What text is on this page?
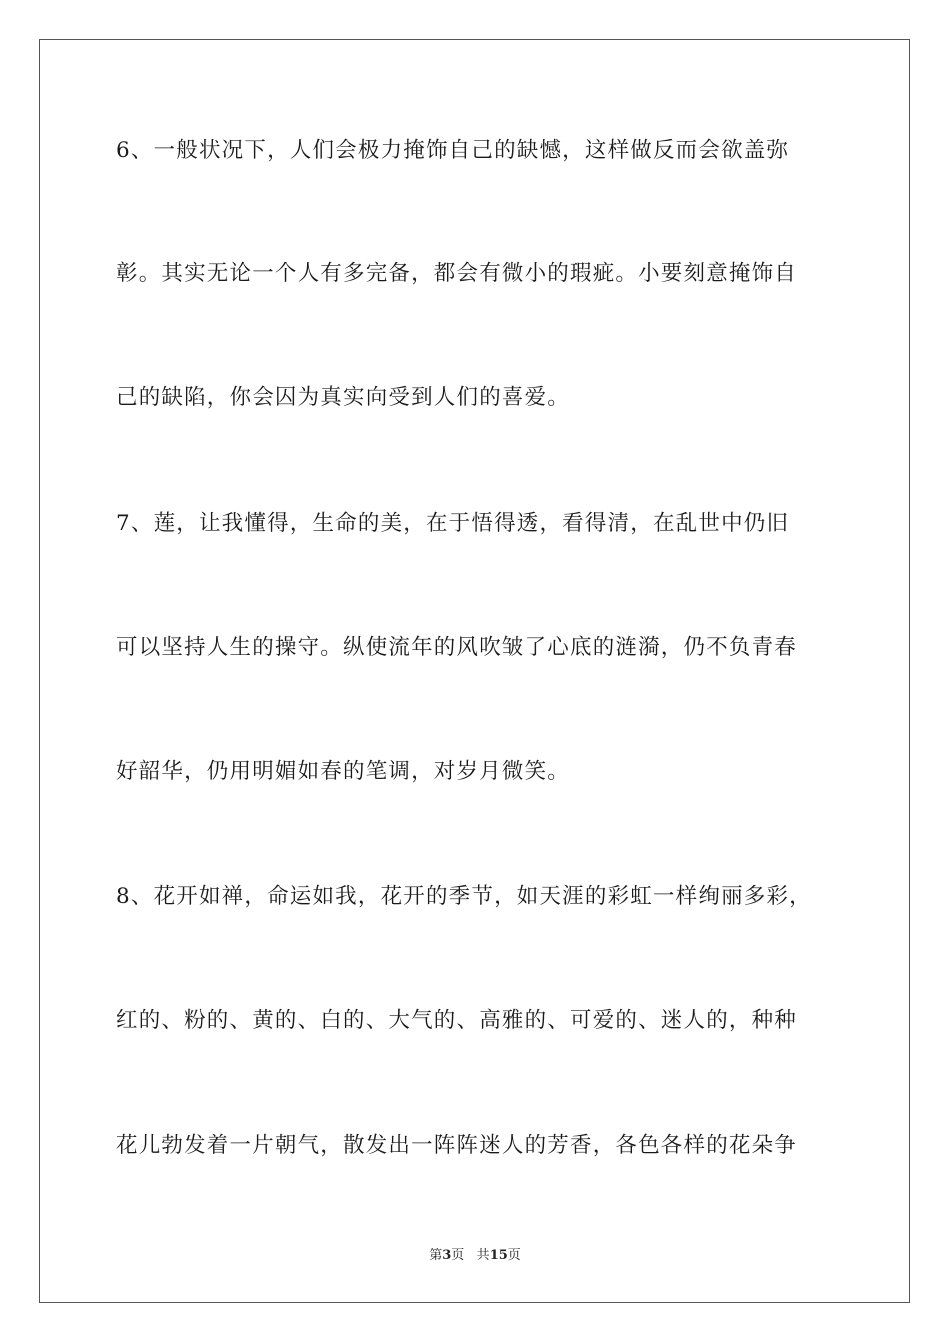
6、一般状况下，人们会极力掩饰自己的缺憾，这样做反而会欲盖弥
彰。其实无论一个人有多完备，都会有微小的瑕疵。小要刻意掩饰自
己的缺陷，你会囚为真实向受到人们的喜爱。
7、莲，让我懂得，生命的美，在于悟得透，看得清，在乱世中仍旧
可以坚持人生的操守。纵使流年的风吹皱了心底的涟漪，仍不负青春
好韶华，仍用明媚如春的笔调，对岁月微笑。
8、花开如禅，命运如我，花开的季节，如天涯的彩虹一样绚丽多彩，
红的、粉的、黄的、白的、大气的、高雅的、可爱的、迷人的，种种
花儿勃发着一片朝气，散发出一阵阵迷人的芳香，各色各样的花朵争
第3页 共15页
